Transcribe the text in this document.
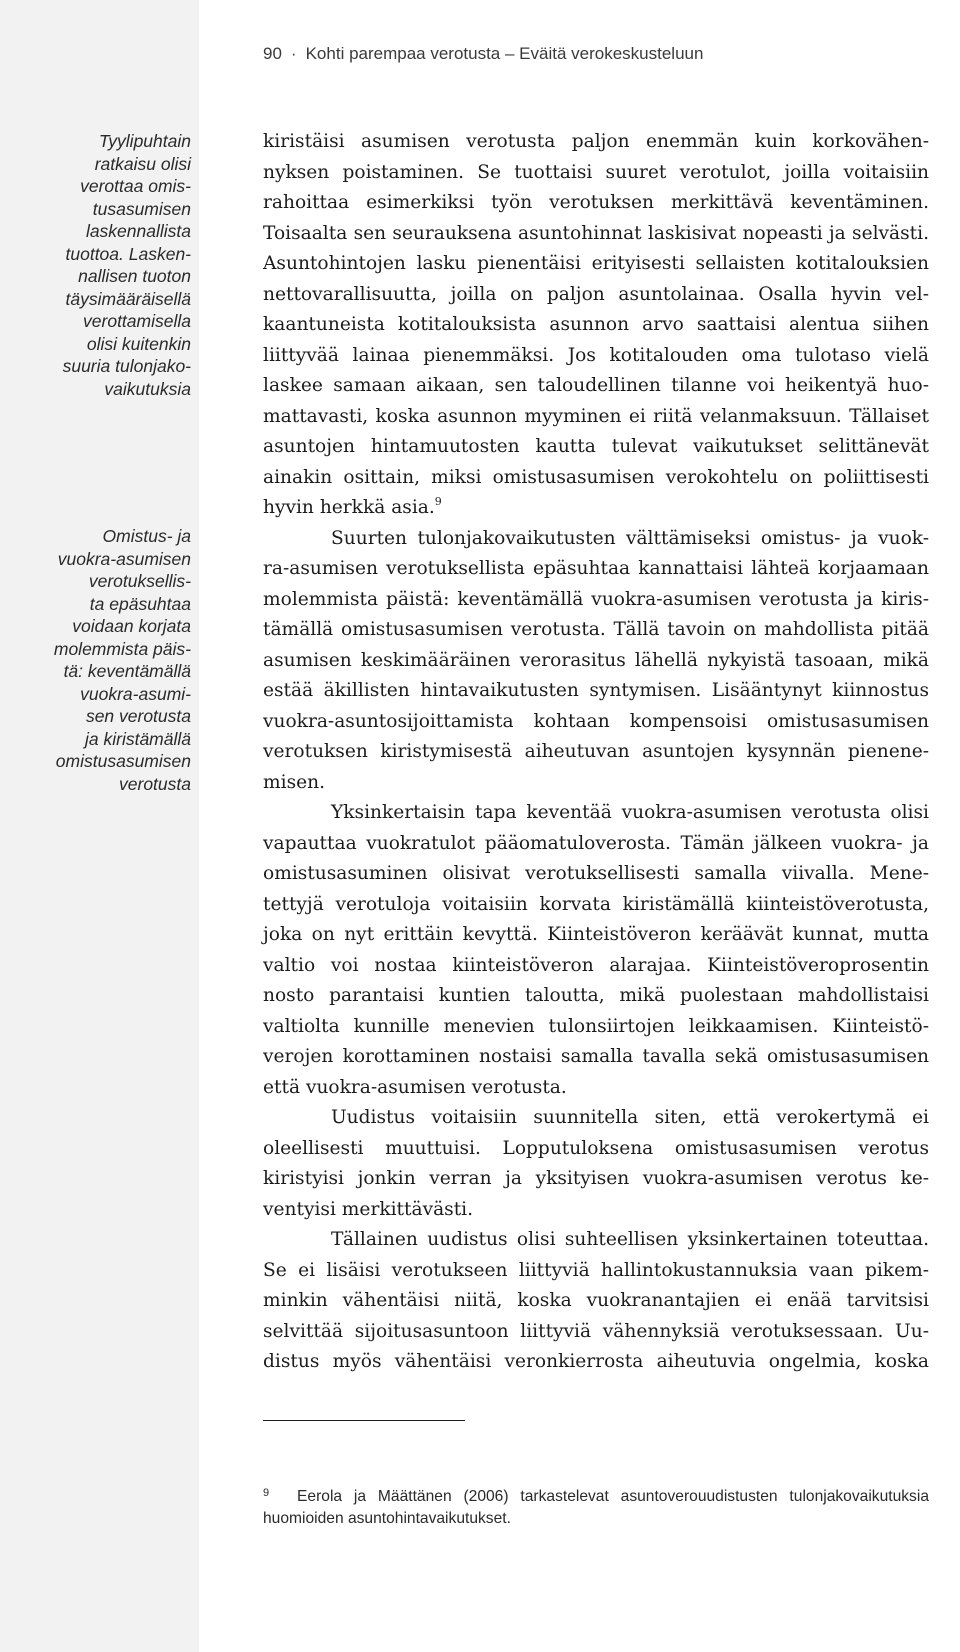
90 · Kohti parempaa verotusta – Eväitä verokeskusteluun
Tyylipuhtain
ratkaisu olisi
verottaa omis-
tusasumisen
laskennallista
tuottoa. Lasken-
nallisen tuoton
täysimääräisellä
verottamisella
olisi kuitenkin
suuria tulonjako-
vaikutuksia
Omistus- ja
vuokra-asumisen
verotuksellis-
ta epäsuhtaa
voidaan korjata
molemmista päis-
tä: keventämällä
vuokra-asumi-
sen verotusta
ja kiristämällä
omistusasumisen
verotusta
kiristäisi asumisen verotusta paljon enemmän kuin korkovähen-
nyksen poistaminen. Se tuottaisi suuret verotulot, joilla voitaisiin
rahoittaa esimerkiksi työn verotuksen merkittävä keventäminen.
Toisaalta sen seurauksena asuntohinnat laskisivat nopeasti ja selvästi.
Asuntohintojen lasku pienentäisi erityisesti sellaisten kotitalouksien
nettovarallisuutta, joilla on paljon asuntolainaa. Osalla hyvin vel-
kaantuneista kotitalouksista asunnon arvo saattaisi alentua siihen
liittyvää lainaa pienemmäksi. Jos kotitalouden oma tulotaso vielä
laskee samaan aikaan, sen taloudellinen tilanne voi heikentyä huo-
mattavasti, koska asunnon myyminen ei riitä velanmaksuun. Tällaiset
asuntojen hintamuutosten kautta tulevat vaikutukset selittänevät
ainakin osittain, miksi omistusasumisen verokohtelu on poliittisesti
hyvin herkkä asia.$^9$
Suurten tulonjakovaikutusten välttämiseksi omistus- ja vuok-
ra-asumisen verotuksellista epäsuhtaa kannattaisi lähteä korjaamaan
molemmista päistä: keventämällä vuokra-asumisen verotusta ja kiris-
tämällä omistusasumisen verotusta. Tällä tavoin on mahdollista pitää
asumisen keskimääräinen verorasitus lähellä nykyistä tasoaan, mikä
estää äkillisten hintavaikutusten syntymisen. Lisääntynyt kiinnostus
vuokra-asuntosijoittamista kohtaan kompensoisi omistusasumisen
verotuksen kiristymisestä aiheutuvan asuntojen kysynnän pienene-
misen.
Yksinkertaisin tapa keventää vuokra-asumisen verotusta olisi
vapauttaa vuokratulot pääomatuloverosta. Tämän jälkeen vuokra- ja
omistusasuminen olisivat verotuksellisesti samalla viivalla. Mene-
tettyjä verotuloja voitaisiin korvata kiristämällä kiinteistöverotusta,
joka on nyt erittäin kevyttä. Kiinteistöveron keräävät kunnat, mutta
valtio voi nostaa kiinteistöveron alarajaa. Kiinteistöveroprosentin
nosto parantaisi kuntien taloutta, mikä puolestaan mahdollistaisi
valtiolta kunnille menevien tulonsiirtojen leikkaamisen. Kiinteistö-
verojen korottaminen nostaisi samalla tavalla sekä omistusasumisen
että vuokra-asumisen verotusta.
Uudistus voitaisiin suunnitella siten, että verokertymä ei
oleellisesti muuttuisi. Lopputuloksena omistusasumisen verotus
kiristyisi jonkin verran ja yksityisen vuokra-asumisen verotus ke-
ventyisi merkittävästi.
Tällainen uudistus olisi suhteellisen yksinkertainen toteuttaa.
Se ei lisäisi verotukseen liittyviä hallintokustannuksia vaan pikem-
minkin vähentäisi niitä, koska vuokranantajien ei enää tarvitsisi
selvittää sijoitusasuntoon liittyviä vähennyksiä verotuksessaan. Uu-
distus myös vähentäisi veronkierrosta aiheutuvia ongelmia, koska
9 Eerola ja Määttänen (2006) tarkastelevat asuntoverouudistusten tulonjakovaikutuksia
huomioiden asuntohintavaikutukset.
